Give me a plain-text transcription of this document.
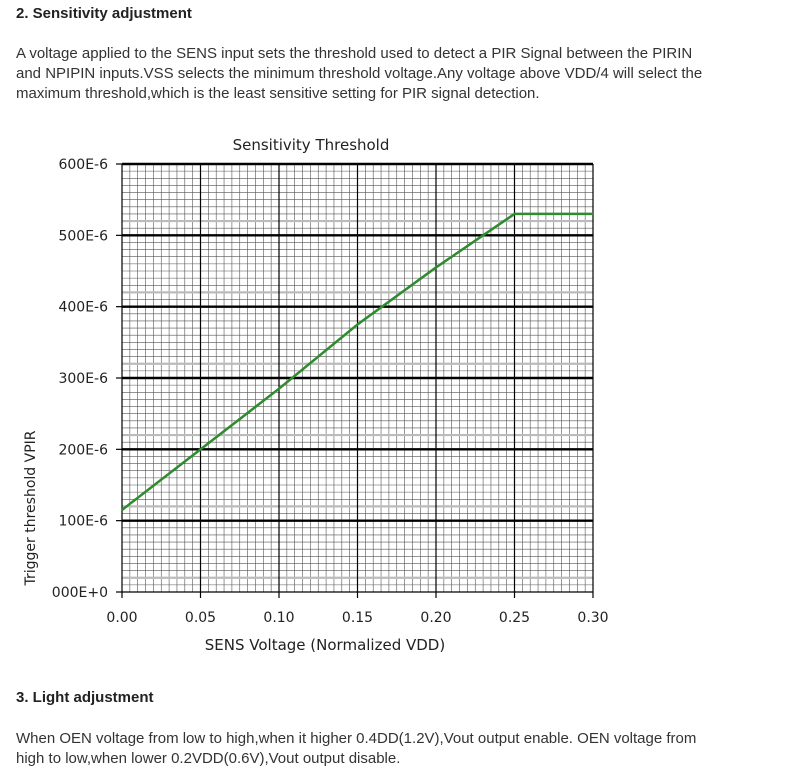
2. Sensitivity adjustment

A voltage applied to the SENS input sets the threshold used to detect a PIR Signal between the PIRIN and NPIPIN inputs.VSS selects the minimum threshold voltage.Any voltage above VDD/4 will select the maximum threshold,which is the least sensitive setting for PIR signal detection.

000E+0
100E-6
200E-6
300E-6
400E-6
500E-6
600E-6
0.00	0.05	0.10	0.15	0.20	0.25	0.30
Sensitivity Threshold
SENS Voltage (Normalized VDD)
Trigger threshold VPIR
3. Light adjustment

When OEN voltage from low to high,when it higher 0.4DD(1.2V),Vout output enable. OEN voltage from high to low,when lower 0.2VDD(0.6V),Vout output disable.
